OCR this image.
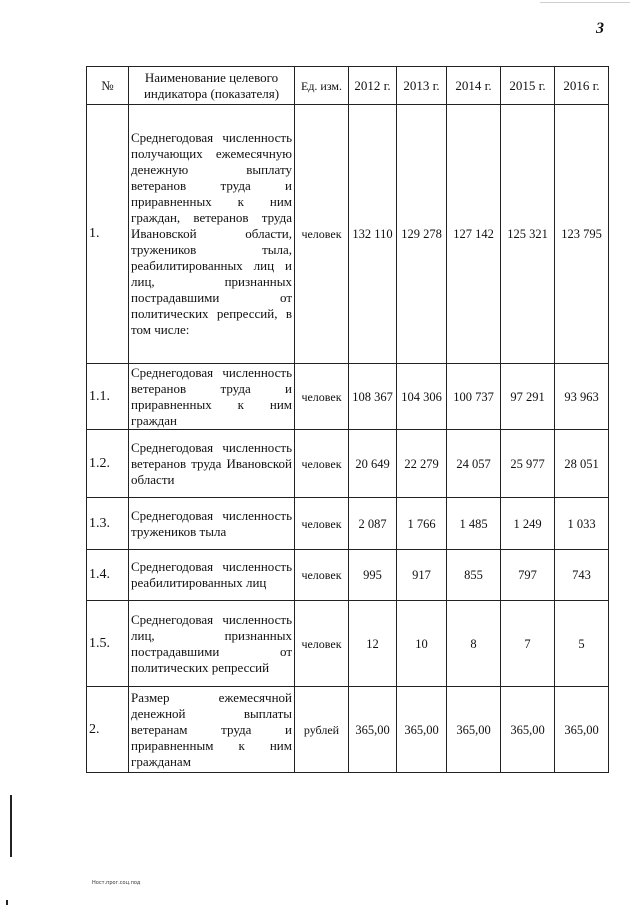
3
№	Наименование целевого индикатора (показателя)	Ед. изм.	2012 г.	2013 г.	2014 г.	2015 г.	2016 г.
1.	Среднегодовая численность получающих ежемесячную денежную выплату ветеранов труда и приравненных к ним граждан, ветеранов труда Ивановской области, тружеников тыла, реабилитированных лиц и лиц, признанных пострадавшими от политических репрессий, в том числе:	человек	132 110	129 278	127 142	125 321	123 795
1.1.	Среднегодовая численность ветеранов труда и приравненных к ним граждан	человек	108 367	104 306	100 737	97 291	93 963
1.2.	Среднегодовая численность ветеранов труда Ивановской области	человек	20 649	22 279	24 057	25 977	28 051
1.3.	Среднегодовая численность тружеников тыла	человек	2 087	1 766	1 485	1 249	1 033
1.4.	Среднегодовая численность реабилитированных лиц	человек	995	917	855	797	743
1.5.	Среднегодовая численность лиц, признанных пострадавшими от политических репрессий	человек	12	10	8	7	5
2.	Размер ежемесячной денежной выплаты ветеранам труда и приравненным к ним гражданам	рублей	365,00	365,00	365,00	365,00	365,00
Ност.прог.соц.под
